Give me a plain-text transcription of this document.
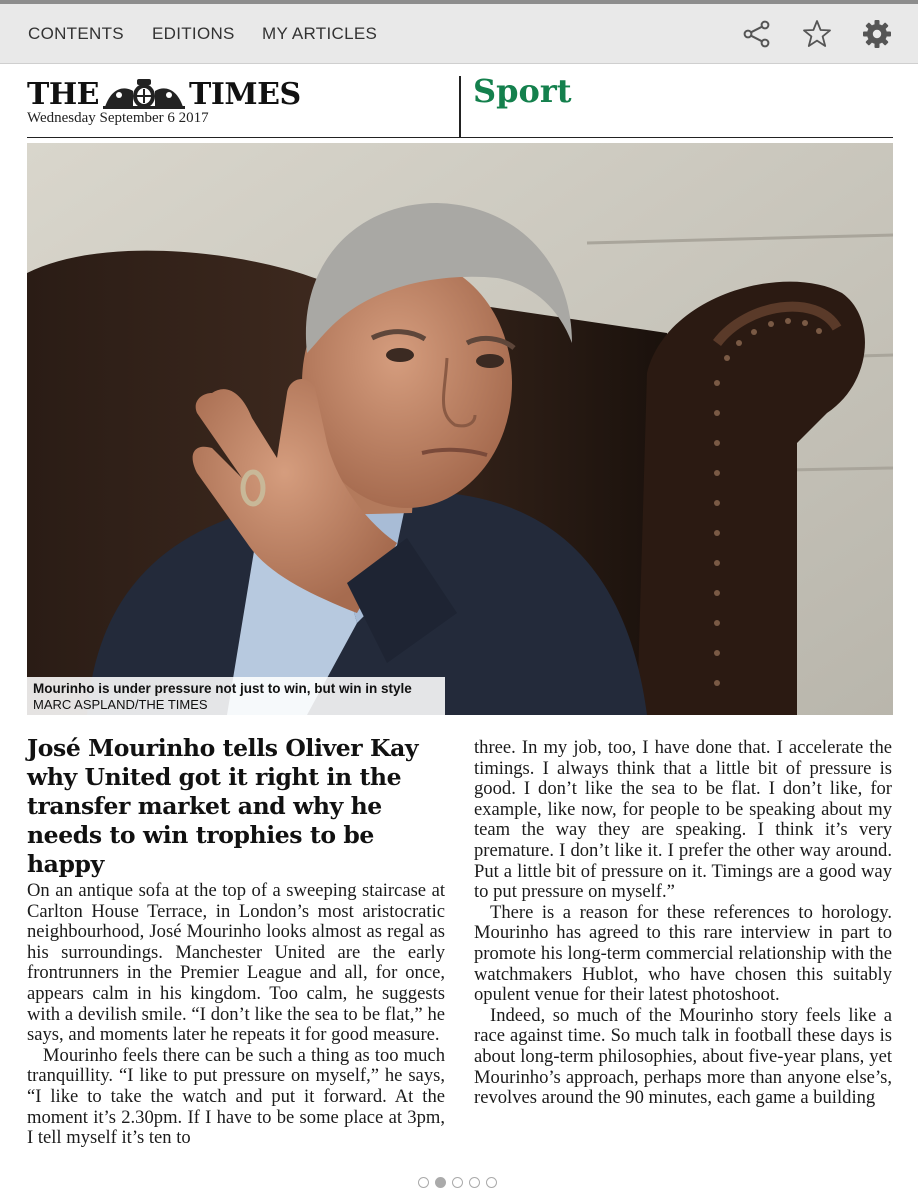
CONTENTS EDITIONS MY ARTICLES
THE	TIMES
Wednesday September 6 2017
Sport
Mourinho is under pressure not just to win, but win in style
MARC ASPLAND/THE TIMES
José Mourinho tells Oliver Kay why United got it right in the transfer market and why he needs to win trophies to be happy

On an antique sofa at the top of a sweeping staircase at Carlton House Terrace, in London’s most aristocratic neighbourhood, José Mourinho looks almost as regal as his surroundings. Manchester United are the early frontrunners in the Premier League and all, for once, appears calm in his kingdom. Too calm, he suggests with a devilish smile. “I don’t like the sea to be flat,” he says, and moments later he repeats it for good measure.

Mourinho feels there can be such a thing as too much tranquillity. “I like to put pressure on myself,” he says, “I like to take the watch and put it forward. At the moment it’s 2.30pm. If I have to be some place at 3pm, I tell myself it’s ten to

three. In my job, too, I have done that. I accelerate the timings. I always think that a little bit of pressure is good. I don’t like the sea to be flat. I don’t like, for example, like now, for people to be speaking about my team the way they are speaking. I think it’s very premature. I don’t like it. I prefer the other way around. Put a little bit of pressure on it. Timings are a good way to put pressure on myself.”

There is a reason for these references to horology. Mourinho has agreed to this rare interview in part to promote his long-term commercial relationship with the watchmakers Hublot, who have chosen this suitably opulent venue for their latest photoshoot.

Indeed, so much of the Mourinho story feels like a race against time. So much talk in football these days is about long-term philosophies, about five-year plans, yet Mourinho’s approach, perhaps more than anyone else’s, revolves around the 90 minutes, each game a building
